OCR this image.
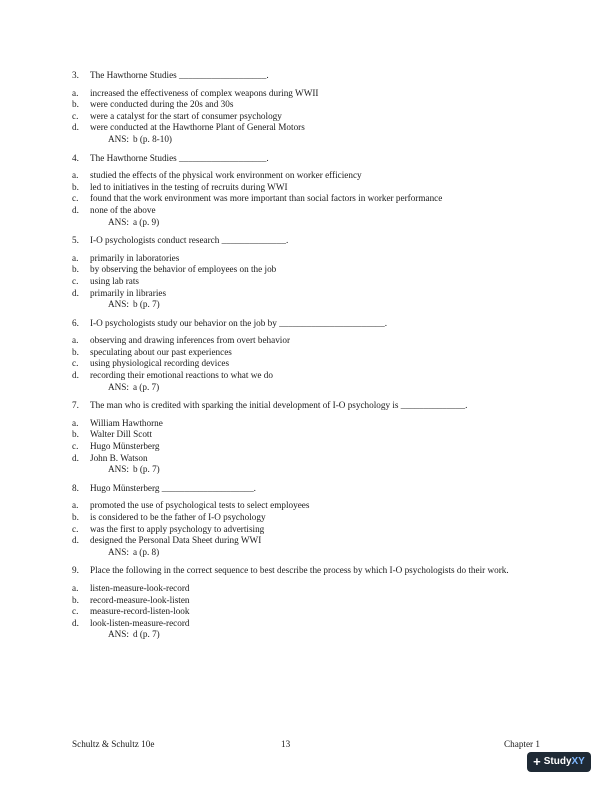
3.	The Hawthorne Studies ___________________.
a.	increased the effectiveness of complex weapons during WWII
b.	were conducted during the 20s and 30s
c.	were a catalyst for the start of consumer psychology
d.	were conducted at the Hawthorne Plant of General Motors
ANS: b (p. 8-10)
4.	The Hawthorne Studies ___________________.
a.	studied the effects of the physical work environment on worker efficiency
b.	led to initiatives in the testing of recruits during WWI
c.	found that the work environment was more important than social factors in worker performance
d.	none of the above
ANS: a (p. 9)
5.	I-O psychologists conduct research ______________.
a.	primarily in laboratories
b.	by observing the behavior of employees on the job
c.	using lab rats
d.	primarily in libraries
ANS: b (p. 7)
6.	I-O psychologists study our behavior on the job by _______________________.
a.	observing and drawing inferences from overt behavior
b.	speculating about our past experiences
c.	using physiological recording devices
d.	recording their emotional reactions to what we do
ANS: a (p. 7)
7.	The man who is credited with sparking the initial development of I-O psychology is ______________.
a.	William Hawthorne
b.	Walter Dill Scott
c.	Hugo Münsterberg
d.	John B. Watson
ANS: b (p. 7)
8.	Hugo Münsterberg ____________________.
a.	promoted the use of psychological tests to select employees
b.	is considered to be the father of I-O psychology
c.	was the first to apply psychology to advertising
d.	designed the Personal Data Sheet during WWI
ANS: a (p. 8)
9.	Place the following in the correct sequence to best describe the process by which I-O psychologists do their work.
a.	listen-measure-look-record
b.	record-measure-look-listen
c.	measure-record-listen-look
d.	look-listen-measure-record
ANS: d (p. 7)
Schultz & Schultz 10e	13	Chapter 1
+ StudyXY
